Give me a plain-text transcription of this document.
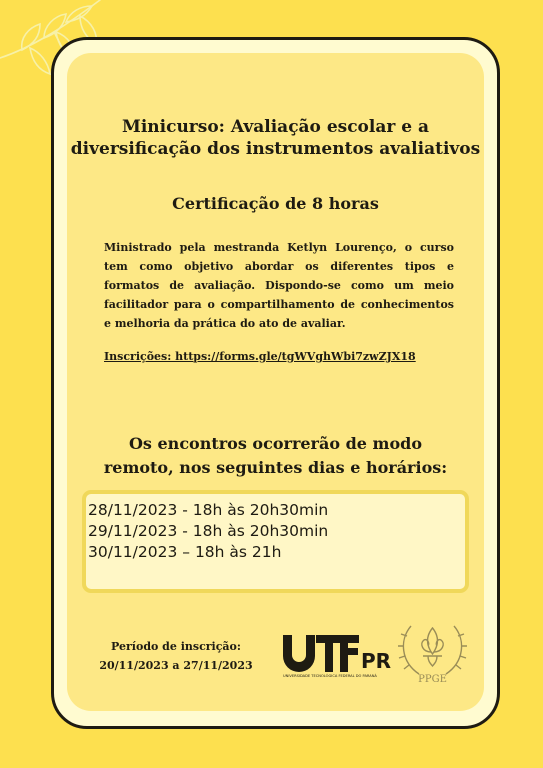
Minicurso: Avaliação escolar e a
diversificação dos instrumentos avaliativos
Certificação de 8 horas

Ministrado pela mestranda Ketlyn Lourenço, o curso tem como objetivo abordar os diferentes tipos e formatos de avaliação. Dispondo-se como um meio facilitador para o compartilhamento de conhecimentos e melhoria da prática do ato de avaliar.

Inscrições: https://forms.gle/tgWVghWbi7zwZJX18
Os encontros ocorrerão de modo
remoto, nos seguintes dias e horários:
28/11/2023 - 18h às 20h30min
29/11/2023 - 18h às 20h30min
30/11/2023 – 18h às 21h
Período de inscrição:
20/11/2023 a 27/11/2023	PR
UNIVERSIDADE TECNOLÓGICA FEDERAL DO PARANÁ	PPGE
